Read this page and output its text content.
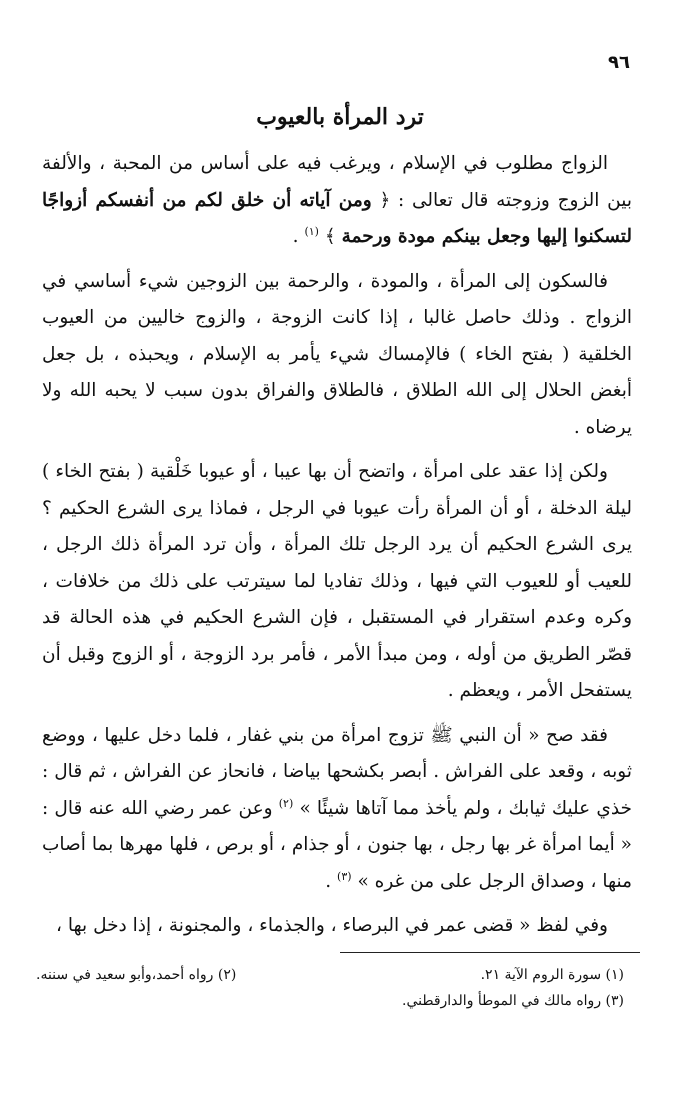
٩٦
ترد المرأة بالعيوب

الزواج مطلوب في الإسلام ، ويرغب فيه على أساس من المحبة ، والألفة بين الزوج وزوجته قال تعالى : ﴿ ومن آياته أن خلق لكم من أنفسكم أزواجًا لتسكنوا إليها وجعل بينكم مودة ورحمة ﴾ $^{(١)}$ .

فالسكون إلى المرأة ، والمودة ، والرحمة بين الزوجين شيء أساسي في الزواج . وذلك حاصل غالبا ، إذا كانت الزوجة ، والزوج خاليين من العيوب الخلقية ( بفتح الخاء ) فالإمساك شيء يأمر به الإسلام ، ويحبذه ، بل جعل أبغض الحلال إلى الله الطلاق ، فالطلاق والفراق بدون سبب لا يحبه الله ولا يرضاه .

ولكن إذا عقد على امرأة ، واتضح أن بها عيبا ، أو عيوبا خَلْقية ( بفتح الخاء ) ليلة الدخلة ، أو أن المرأة رأت عيوبا في الرجل ، فماذا يرى الشرع الحكيم ؟ يرى الشرع الحكيم أن يرد الرجل تلك المرأة ، وأن ترد المرأة ذلك الرجل ، للعيب أو للعيوب التي فيها ، وذلك تفاديا لما سيترتب على ذلك من خلافات ، وكره وعدم استقرار في المستقبل ، فإن الشرع الحكيم في هذه الحالة قد قصّر الطريق من أوله ، ومن مبدأ الأمر ، فأمر برد الزوجة ، أو الزوج وقبل أن يستفحل الأمر ، ويعظم .

فقد صح « أن النبي ﷺ تزوج امرأة من بني غفار ، فلما دخل عليها ، ووضع ثوبه ، وقعد على الفراش . أبصر بكشحها بياضا ، فانحاز عن الفراش ، ثم قال : خذي عليك ثيابك ، ولم يأخذ مما آتاها شيئًا » $^{(٢)}$ وعن عمر رضي الله عنه قال : « أيما امرأة غر بها رجل ، بها جنون ، أو جذام ، أو برص ، فلها مهرها بما أصاب منها ، وصداق الرجل على من غره » $^{(٣)}$ .

وفي لفظ « قضى عمر في البرصاء ، والجذماء ، والمجنونة ، إذا دخل بها ،

(١) سورة الروم الآية ٢١.
(٢) رواه أحمد،وأبو سعيد في سننه.
(٣) رواه مالك في الموطأ والدارقطني.
